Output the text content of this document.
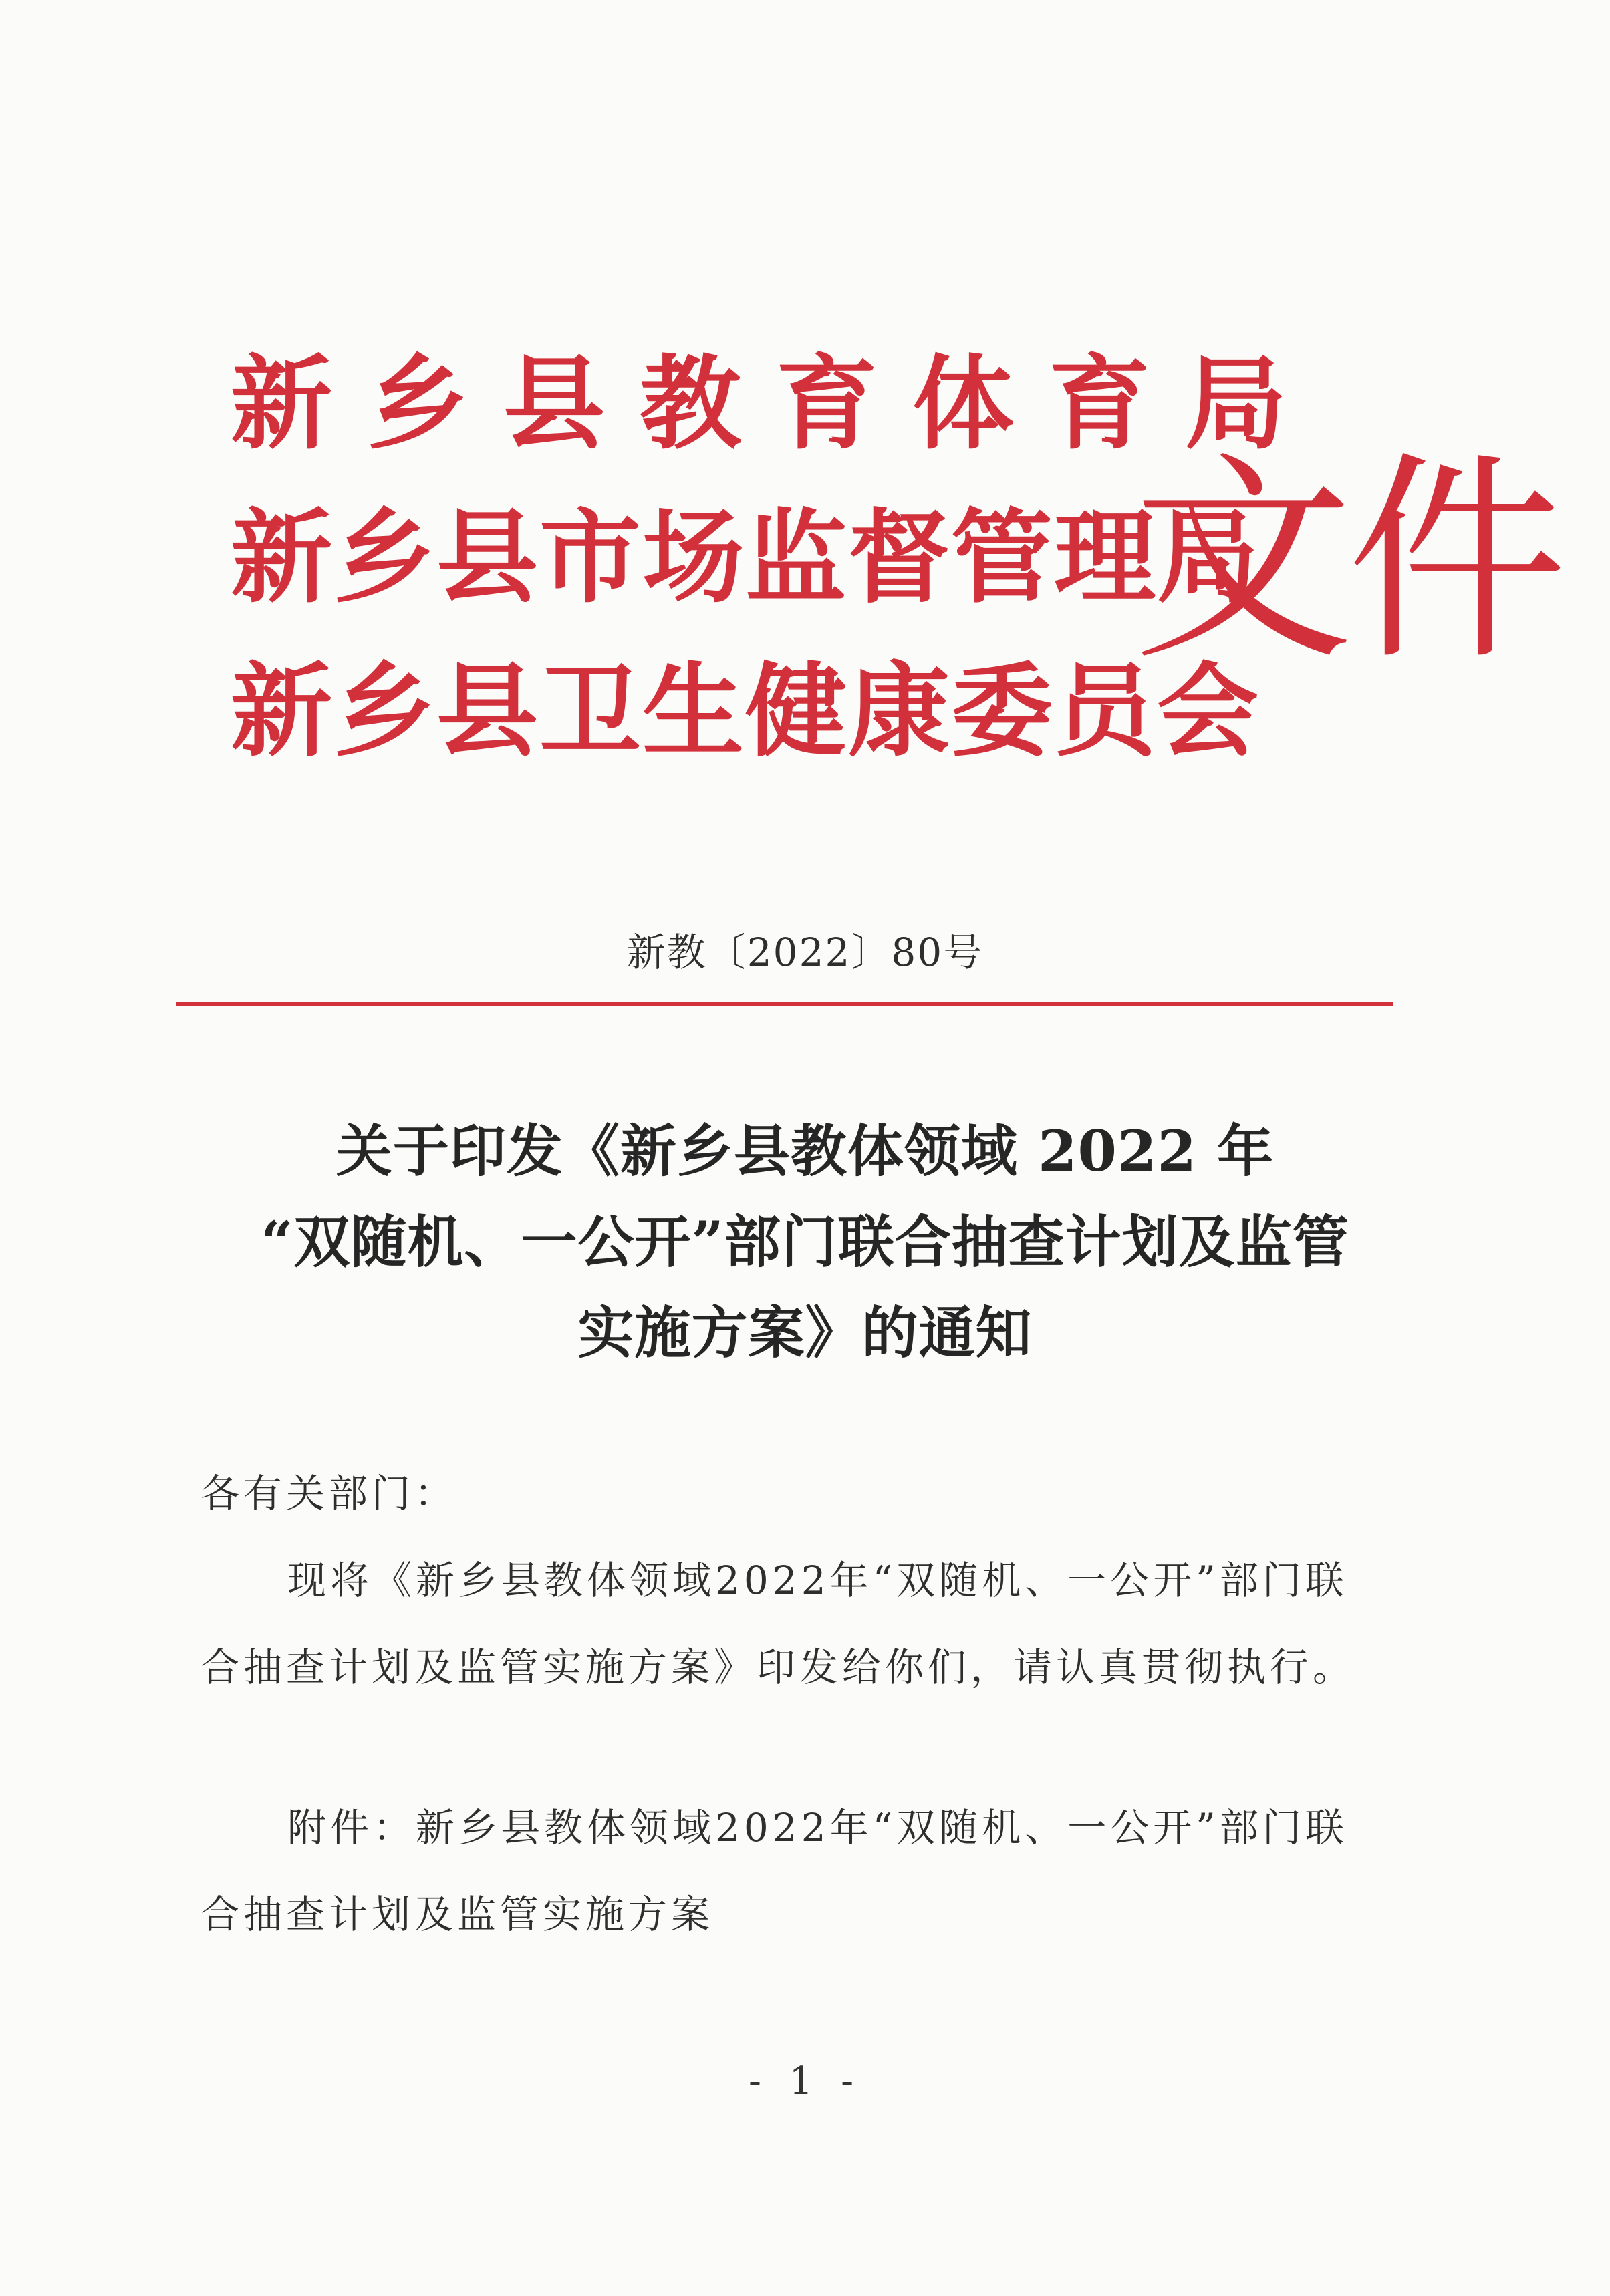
新乡县教育体育局
新乡县市场监督管理局
新乡县卫生健康委员会
文件
新教〔2022〕80号
关于印发《新乡县教体领域 2022 年
“双随机、一公开”部门联合抽查计划及监管
实施方案》的通知
各有关部门：
现将《新乡县教体领域2022年“双随机、一公开”部门联
合抽查计划及监管实施方案》印发给你们，请认真贯彻执行。
附件：新乡县教体领域2022年“双随机、一公开”部门联
合抽查计划及监管实施方案
- 1 -
